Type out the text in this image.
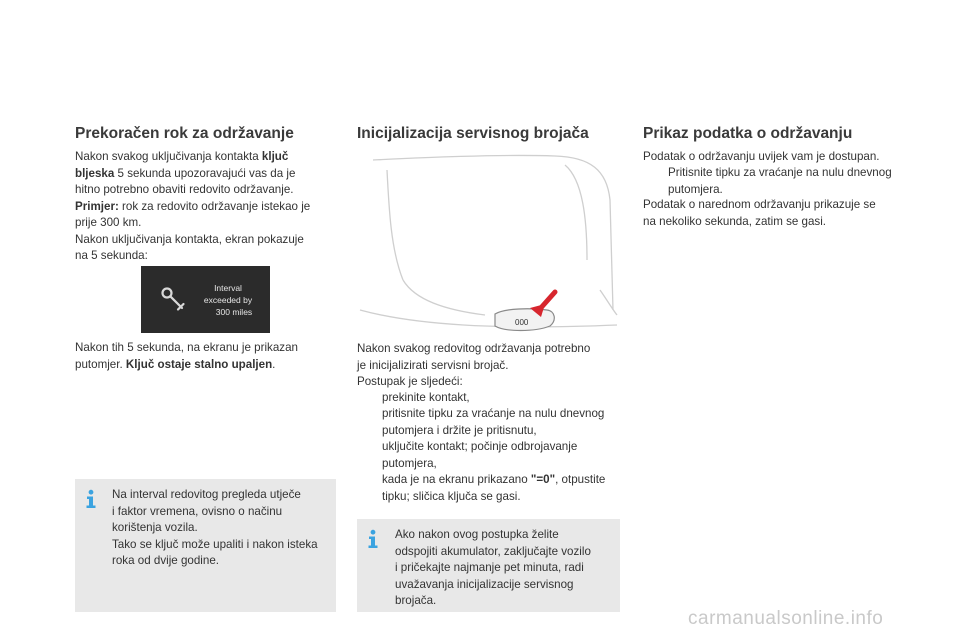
Prekoračen rok za održavanje
Nakon svakog uključivanja kontakta ključ
bljeska 5 sekunda upozoravajući vas da je
hitno potrebno obaviti redovito održavanje.
Primjer: rok za redovito održavanje istekao je
prije 300 km.
Nakon uključivanja kontakta, ekran pokazuje
na 5 sekunda:
Interval
exceeded by
300 miles
Nakon tih 5 sekunda, na ekranu je prikazan
putomjer. Ključ ostaje stalno upaljen.
Na interval redovitog pregleda utječe
i faktor vremena, ovisno o načinu
korištenja vozila.
Tako se ključ može upaliti i nakon isteka
roka od dvije godine.
Inicijalizacija servisnog brojača
000
Nakon svakog redovitog održavanja potrebno
je inicijalizirati servisni brojač.
Postupak je sljedeći:
prekinite kontakt,
pritisnite tipku za vraćanje na nulu dnevnog
putomjera i držite je pritisnutu,
uključite kontakt; počinje odbrojavanje
putomjera,
kada je na ekranu prikazano "=0", otpustite
tipku; sličica ključa se gasi.
Ako nakon ovog postupka želite
odspojiti akumulator, zaključajte vozilo
i pričekajte najmanje pet minuta, radi
uvažavanja inicijalizacije servisnog
brojača.
Prikaz podatka o održavanju
Podatak o održavanju uvijek vam je dostupan.
Pritisnite tipku za vraćanje na nulu dnevnog
putomjera.
Podatak o narednom održavanju prikazuje se
na nekoliko sekunda, zatim se gasi.
carmanualsonline.info
